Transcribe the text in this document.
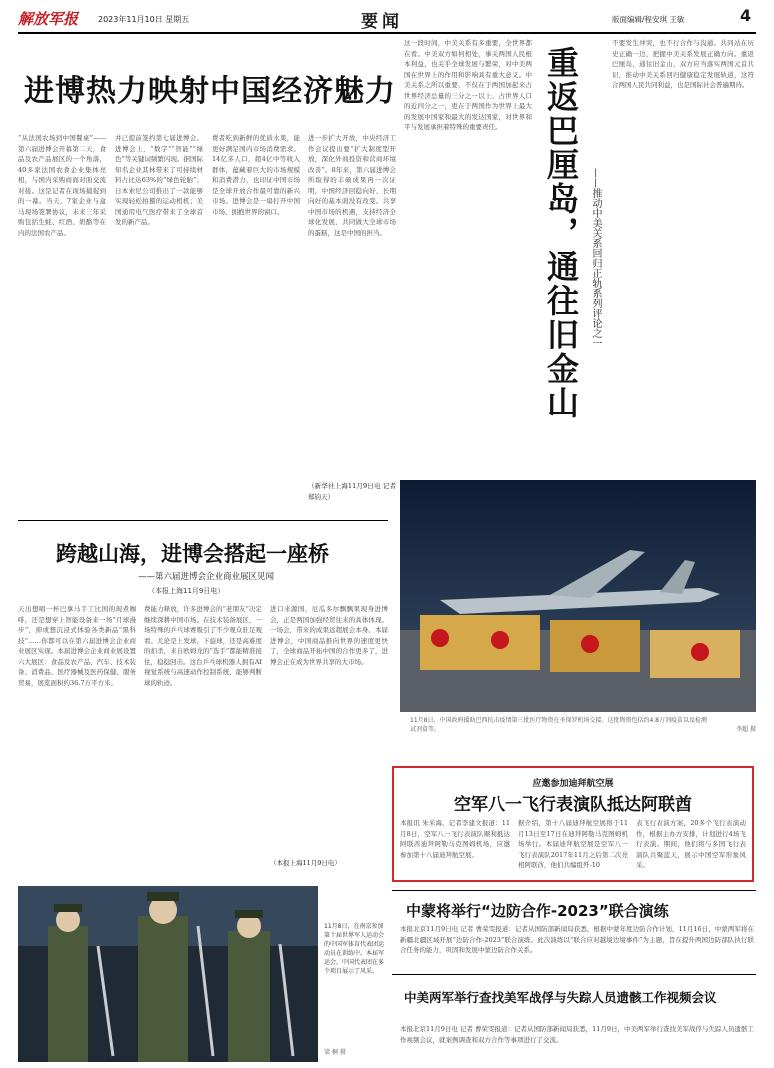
解放军报 2023年11月10日 星期五	要闻	版面编辑/程安琪 王敏	4
进博热力映射中国经济魅力
“从法国农场到中国餐桌”——第六届进博会开幕第二天，食品及农产品展区的一个角落，40多家法国农食企业集体亮相，与国内采购商面对面交流对接。这是记者在现场捕捉到的一幕。当天，7家企业与盒马现场签署协议，未来三年采购包括生蚝、红酒、奶酪等在内的法国农产品。
并已提前签约第七届进博会。进博会上，“数字”“智能”“绿色”等关键词频繁闪现。据国际知名企业其林带来了可持续材料占比达63%的“绿色轮胎”；日本索尼公司推出了一款能够实现轻松拍摄的运动相机；美国通用电气医疗带来了全球首发的新产品。
费者吃到新鲜的优质水果，能更好满足国内市场消费需求。14亿多人口，超4亿中等收入群体，蕴藏着巨大的市场规模和消费潜力，也印证中国市场是全球开放合作最可靠的新兴市场。进博会是一扇打开中国市场、拥抱世界的窗口。
进一步扩大开放，中央经济工作会议提出要“扩大制度型开放，深化外商投资和营商环境改善”。8年来，第六届进博会所取得的丰硕成果再一次证明，中国经济回稳向好、长期向好的基本面没有改变。共享中国市场的机遇，支持经济全球化发展，共同做大全球市场的蛋糕，这是中国的担当。
（新华社上海11月9日电 记者 郑钧天）
这一段时间，中美关系有多重要，全世界都在看。中美双方如何相处，事关两国人民根本利益，也关乎全球发展与繁荣，对中美两国在世界上的作用和影响具有重大意义。中美关系之所以重要，不仅在于两国加起来占世界经济总量的三分之一以上、占世界人口的近四分之一，更在于两国作为世界上最大的发展中国家和最大的发达国家，对世界和平与发展承担着特殊的重要责任。	重返巴厘岛，通往旧金山 ——推动中美关系回归正轨系列评论之一
不要发生冲突，也不行合作与沟通。共同站在历史正确一边，把握中美关系发展正确方向。重返巴厘岛，通往旧金山，双方应当落实两国元首共识，推动中美关系回归健康稳定发展轨道，这符合两国人民共同利益，也是国际社会普遍期待。
11月8日，中国政府援助巴西抗击疫情第三批医疗物资在圣保罗机场交接。这批物资包括约4.8万剂疫苗以及检测试剂盒等。	李超 摄
应邀参加迪拜航空展
空军八一飞行表演队抵达阿联酋
本报讯 朱米海、记者李建文报道：11月8日，空军八一飞行表演队顺利抵达阿联酋迪拜阿勒马克图姆机场，应邀参加第十八届迪拜航空展。
据介绍，第十八届迪拜航空展将于11月13日至17日在迪拜阿勒马克图姆机场举行。本届迪拜航空展是空军八一飞行表演队2017年11月之后第二次亮相阿联酋，他们共编组歼-10
表飞行表演方案，20多个飞行表演动作，根据主办方安排，计划进行4场飞行表演。期间，他们将与多国飞行表演队共聚蓝天，展示中国空军形象风采。
中蒙将举行“边防合作-2023”联合演练
本报北京11月9日电 记者 曹荣雯报道：记者从国防部新闻局获悉，根据中蒙年度边防合作计划，11月16日，中蒙两军将在新疆北疆区域开展“边防合作-2023”联合演练。此次演练以“联合应对越境边境事件”为主题，旨在提升两国边防部队执行联合任务的能力，巩固和发展中蒙边防合作关系。
跨越山海，进博会搭起一座桥
——第六届进博会企业商业展区见闻
（本报上海11月9日电）
天出想唱一杯巴拿马手工比国的现煮咖啡，还是想穿上智能设备来一场“月球漫步”，抑或想沉浸式体验各类新品“黑科技”……你都可以在第六届进博会企业商业展区实现。本届进博会企业商业展设置六大展区：食品及农产品、汽车、技术装备、消费品、医疗器械及医药保健、服务贸易，展览面积约36.7万平方米。
费能力释放，许多进博会的“老朋友”决定继续深耕中国市场。在技术装备展区，一场特殊的乒乓球赛吸引了不少观众驻足观看。尤论是上发球、下旋球，还是高难度的扣杀，来自欧姆龙的“选手”都能精准接住，稳稳回击。这台乒乓球机器人拥有AI视觉系统与高速动作控制系统，能够判断球的轨迹。
进口来源国，厄瓜多尔飘飘果现身进博会，正是两国加强经贸往来的具体体现。一场会，带来的成果远超展会本身。本届进博会，中国商品推向世界的速度更快了，全球商品开拓中国的合作更多了，进博会正在成为世界共享的大市场。
（本报上海11月9日电）
11月8日，在南京参加第十届世界军人运动会的中国军体育代表团运动员在训练中。本届军运会，中国代表团在多个项目展示了风采。
梁 桐 摄
中美两军举行查找美军战俘与失踪人员遗骸工作视频会议
本报北京11月9日电 记者 曹荣雯报道：记者从国防部新闻局获悉，11月9日，中美两军举行查找美军战俘与失踪人员遗骸工作视频会议，就案例调查和双方合作等事项进行了交流。
